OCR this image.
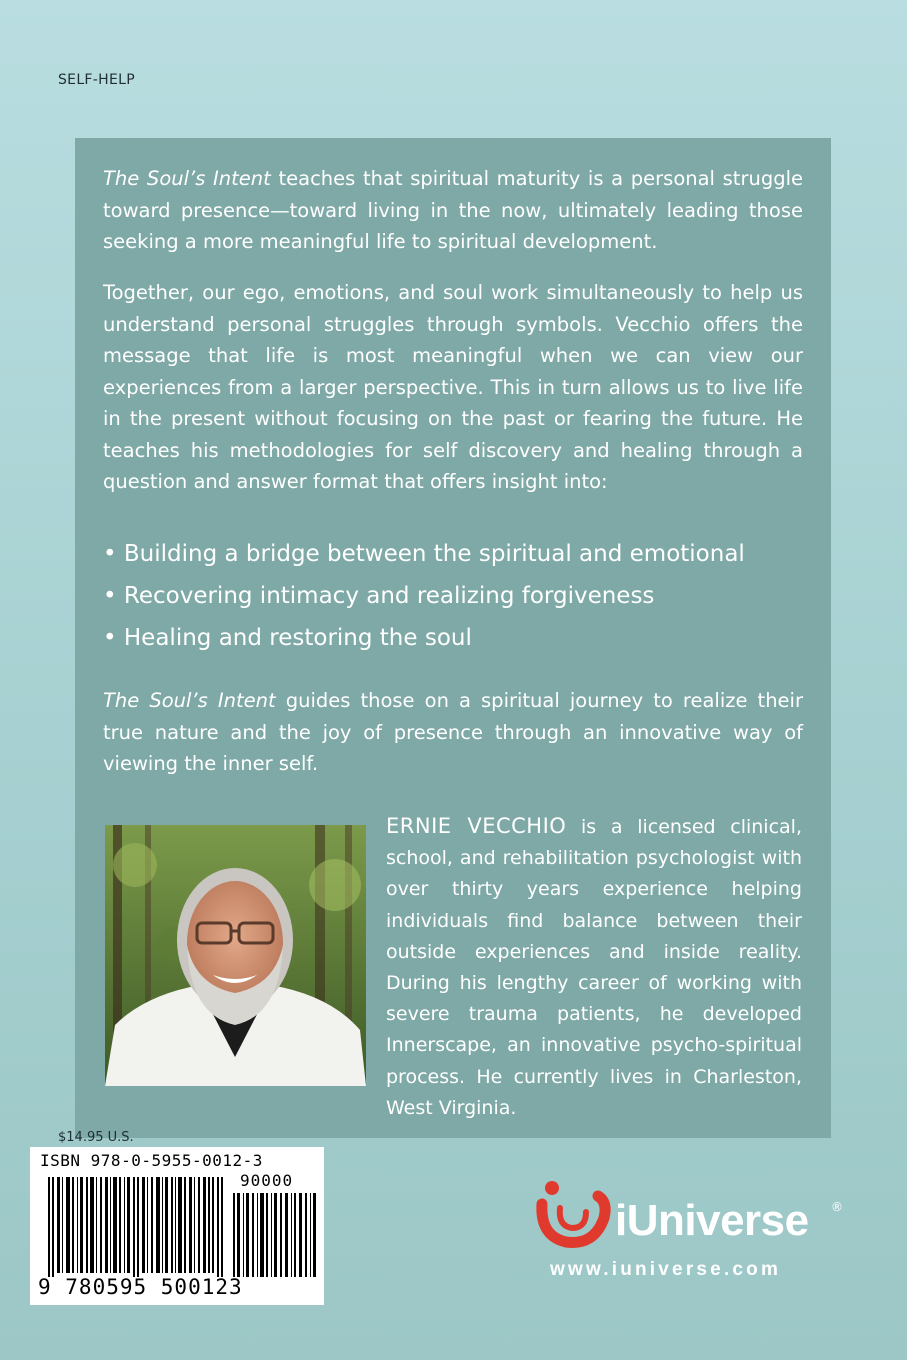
SELF-HELP

The Soul’s Intent teaches that spiritual maturity is a personal struggle toward presence—toward living in the now, ultimately leading those seeking a more meaningful life to spiritual development.

Together, our ego, emotions, and soul work simultaneously to help us understand personal struggles through symbols. Vecchio offers the message that life is most meaningful when we can view our experiences from a larger perspective. This in turn allows us to live life in the present without focusing on the past or fearing the future. He teaches his methodologies for self discovery and healing through a question and answer format that offers insight into:

• Building a bridge between the spiritual and emotional
• Recovering intimacy and realizing forgiveness
• Healing and restoring the soul

The Soul’s Intent guides those on a spiritual journey to realize their true nature and the joy of presence through an innovative way of viewing the inner self.

ERNIE VECCHIO is a licensed clinical, school, and rehabilitation psychologist with over thirty years experience helping individuals find balance between their outside experiences and inside reality. During his lengthy career of working with severe trauma patients, he developed Innerscape, an innovative psycho-spiritual process. He currently lives in Charleston, West Virginia.

$14.95 U.S.
ISBN 978-0-5955-0012-3
90000
9 780595 500123
iUniverse ®
www.iuniverse.com
